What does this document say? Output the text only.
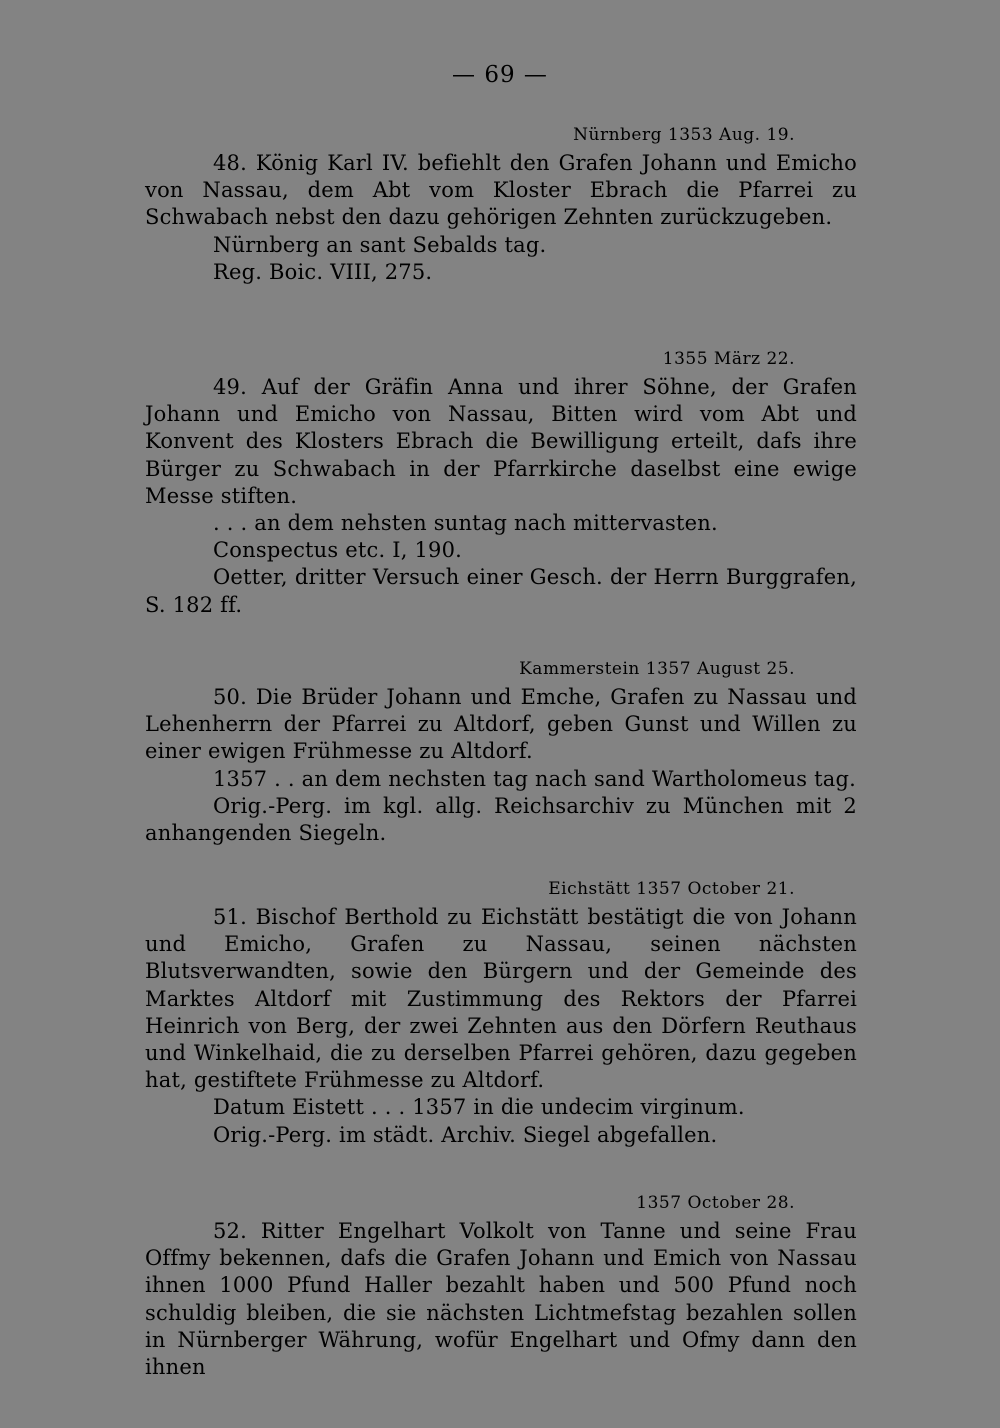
— 69 —
Nürnberg 1353 Aug. 19.
48. König Karl IV. befiehlt den Grafen Johann und Emicho von Nassau, dem Abt vom Kloster Ebrach die Pfarrei zu Schwabach nebst den dazu gehörigen Zehnten zurückzugeben.
Nürnberg an sant Sebalds tag.
Reg. Boic. VIII, 275.
1355 März 22.
49. Auf der Gräfin Anna und ihrer Söhne, der Grafen Johann und Emicho von Nassau, Bitten wird vom Abt und Konvent des Klosters Ebrach die Bewilligung erteilt, dafs ihre Bürger zu Schwabach in der Pfarrkirche daselbst eine ewige Messe stiften.
. . . an dem nehsten suntag nach mittervasten.
Conspectus etc. I, 190.
Oetter, dritter Versuch einer Gesch. der Herrn Burggrafen, S. 182 ff.
Kammerstein 1357 August 25.
50. Die Brüder Johann und Emche, Grafen zu Nassau und Lehenherrn der Pfarrei zu Altdorf, geben Gunst und Willen zu einer ewigen Frühmesse zu Altdorf.
1357 . . an dem nechsten tag nach sand Wartholomeus tag.
Orig.-Perg. im kgl. allg. Reichsarchiv zu München mit 2 anhangenden Siegeln.
Eichstätt 1357 October 21.
51. Bischof Berthold zu Eichstätt bestätigt die von Johann und Emicho, Grafen zu Nassau, seinen nächsten Blutsverwandten, sowie den Bürgern und der Gemeinde des Marktes Altdorf mit Zustimmung des Rektors der Pfarrei Heinrich von Berg, der zwei Zehnten aus den Dörfern Reuthaus und Winkelhaid, die zu derselben Pfarrei gehören, dazu gegeben hat, gestiftete Frühmesse zu Altdorf.
Datum Eistett . . . 1357 in die undecim virginum.
Orig.-Perg. im städt. Archiv. Siegel abgefallen.
1357 October 28.
52. Ritter Engelhart Volkolt von Tanne und seine Frau Offmy bekennen, dafs die Grafen Johann und Emich von Nassau ihnen 1000 Pfund Haller bezahlt haben und 500 Pfund noch schuldig bleiben, die sie nächsten Lichtmefstag bezahlen sollen in Nürnberger Währung, wofür Engelhart und Ofmy dann den ihnen
